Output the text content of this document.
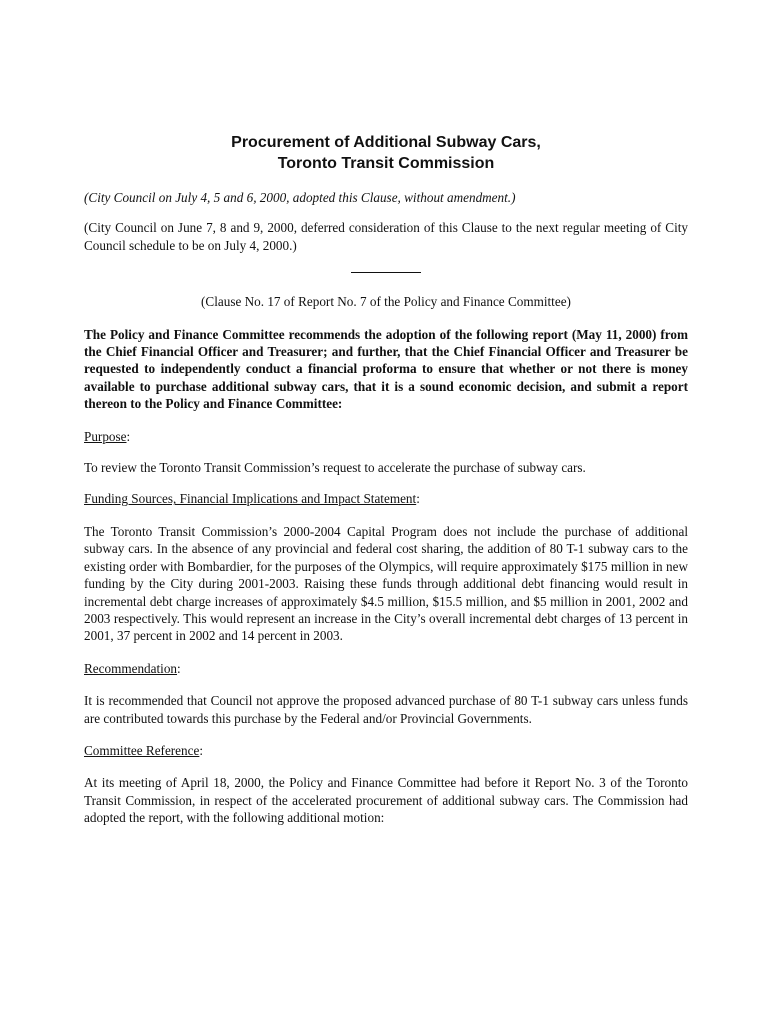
Procurement of Additional Subway Cars,
Toronto Transit Commission

(City Council on July 4, 5 and 6, 2000, adopted this Clause, without amendment.)

(City Council on June 7, 8 and 9, 2000, deferred consideration of this Clause to the next regular meeting of City Council schedule to be on July 4, 2000.)

(Clause No. 17 of Report No. 7 of the Policy and Finance Committee)

The Policy and Finance Committee recommends the adoption of the following report (May 11, 2000) from the Chief Financial Officer and Treasurer; and further, that the Chief Financial Officer and Treasurer be requested to independently conduct a financial proforma to ensure that whether or not there is money available to purchase additional subway cars, that it is a sound economic decision, and submit a report thereon to the Policy and Finance Committee:

Purpose:

To review the Toronto Transit Commission’s request to accelerate the purchase of subway cars.

Funding Sources, Financial Implications and Impact Statement:

The Toronto Transit Commission’s 2000-2004 Capital Program does not include the purchase of additional subway cars. In the absence of any provincial and federal cost sharing, the addition of 80 T-1 subway cars to the existing order with Bombardier, for the purposes of the Olympics, will require approximately $175 million in new funding by the City during 2001-2003. Raising these funds through additional debt financing would result in incremental debt charge increases of approximately $4.5 million, $15.5 million, and $5 million in 2001, 2002 and 2003 respectively. This would represent an increase in the City’s overall incremental debt charges of 13 percent in 2001, 37 percent in 2002 and 14 percent in 2003.

Recommendation:

It is recommended that Council not approve the proposed advanced purchase of 80 T-1 subway cars unless funds are contributed towards this purchase by the Federal and/or Provincial Governments.

Committee Reference:

At its meeting of April 18, 2000, the Policy and Finance Committee had before it Report No. 3 of the Toronto Transit Commission, in respect of the accelerated procurement of additional subway cars. The Commission had adopted the report, with the following additional motion:
